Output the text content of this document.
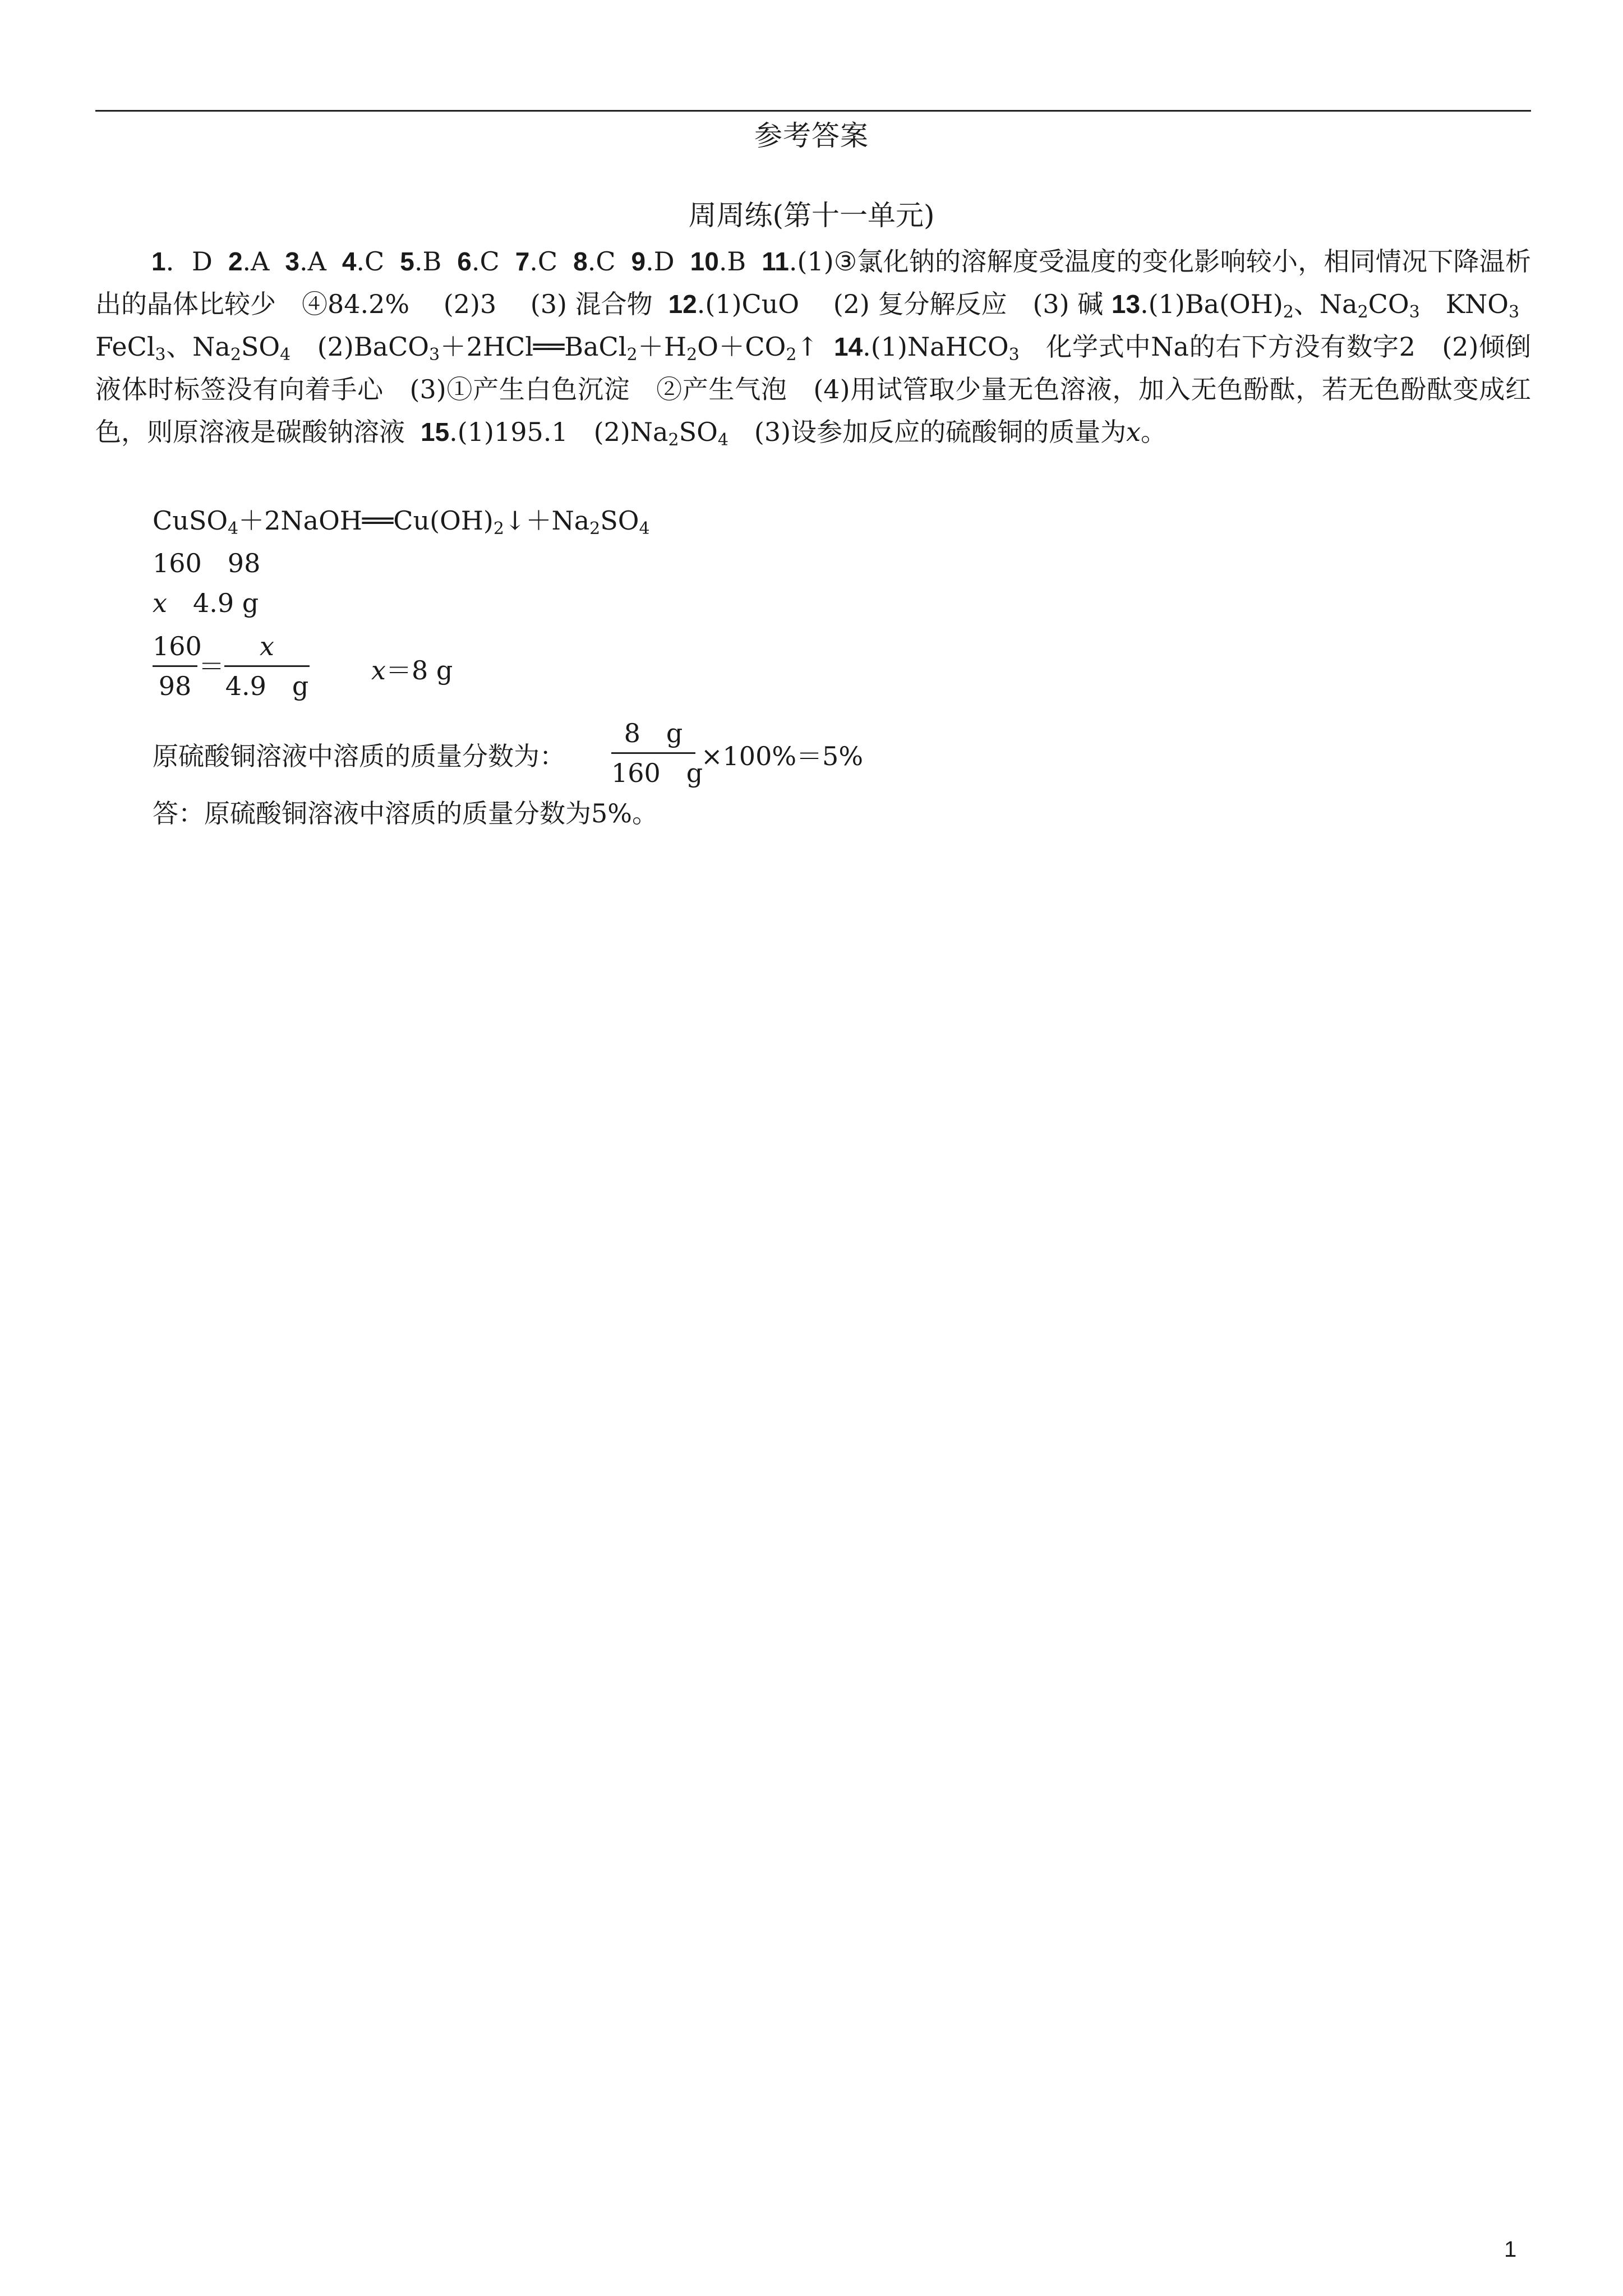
参考答案
周周练(第十一单元)
1．D 2.A 3.A 4.C 5.B 6.C 7.C 8.C 9.D 10.B 11.(1)③氯化钠的溶解度受温度的变化影响较小，相同情况下降温析出的晶体比较少　④84.2%　 (2)3　 (3) 混合物 12.(1)CuO　 (2) 复分解反应　(3) 碱 $13.(1)Ba(OH)_2$、$Na_2CO_3$　$KNO_3$　FeCl$_3$、$Na_2SO_4$　$(2)BaCO_3+2HCl══BaCl_2+H_2O+CO_2↑$ 14.(1)NaHCO$_3$　化学式中Na的右下方没有数字2　(2)倾倒液体时标签没有向着手心　(3)①产生白色沉淀　②产生气泡　(4)用试管取少量无色溶液，加入无色酚酞，若无色酚酞变成红色，则原溶液是碳酸钠溶液 15.(1)195.1　$(2)Na_2SO_4$　(3)设参加反应的硫酸铜的质量为x。
$CuSO_4+2NaOH══Cu(OH)_2↓+Na_2SO_4$
160　98
x　4.9 g
160
98
＝
x
4.9　g
x＝8 g
原硫酸铜溶液中溶质的质量分数为：
8　g
160　g
×100%＝5%
答：原硫酸铜溶液中溶质的质量分数为5%。
1
